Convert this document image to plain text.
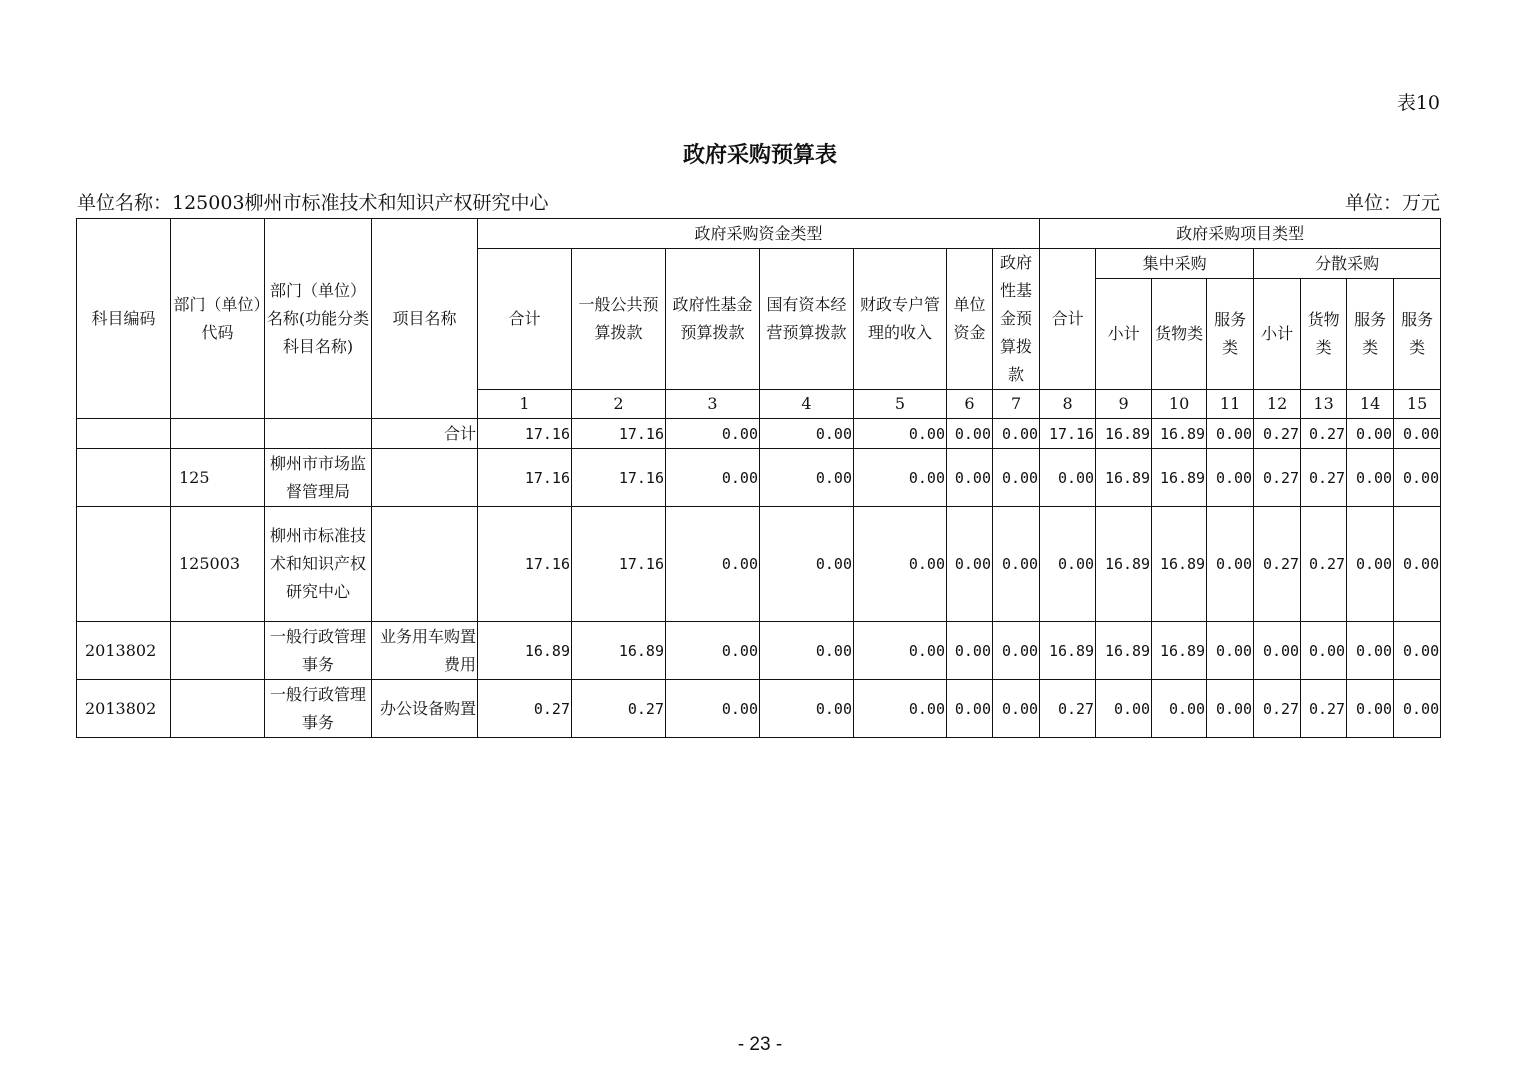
表10
政府采购预算表
单位名称：125003柳州市标准技术和知识产权研究中心	单位：万元
科目编码	部门（单位）代码	部门（单位）名称(功能分类科目名称)	项目名称	政府采购资金类型							政府采购项目类型							
				合计	一般公共预算拨款	政府性基金预算拨款	国有资本经营预算拨款	财政专户管理的收入	单位资金	政府性基金预算拨款	合计	集中采购			分散采购			
												小计	货物类	服务类	小计	货物类	服务类	服务类
				1	2	3	4	5	6	7	8	9	10	11	12	13	14	15
			合计	17.16	17.16	0.00	0.00	0.00	0.00	0.00	17.16	16.89	16.89	0.00	0.27	0.27	0.00	0.00
	125	柳州市市场监督管理局		17.16	17.16	0.00	0.00	0.00	0.00	0.00	0.00	16.89	16.89	0.00	0.27	0.27	0.00	0.00
	125003	柳州市标准技术和知识产权研究中心		17.16	17.16	0.00	0.00	0.00	0.00	0.00	0.00	16.89	16.89	0.00	0.27	0.27	0.00	0.00
2013802		一般行政管理事务	业务用车购置费用	16.89	16.89	0.00	0.00	0.00	0.00	0.00	16.89	16.89	16.89	0.00	0.00	0.00	0.00	0.00
2013802		一般行政管理事务	办公设备购置	0.27	0.27	0.00	0.00	0.00	0.00	0.00	0.27	0.00	0.00	0.00	0.27	0.27	0.00	0.00
- 23 -
